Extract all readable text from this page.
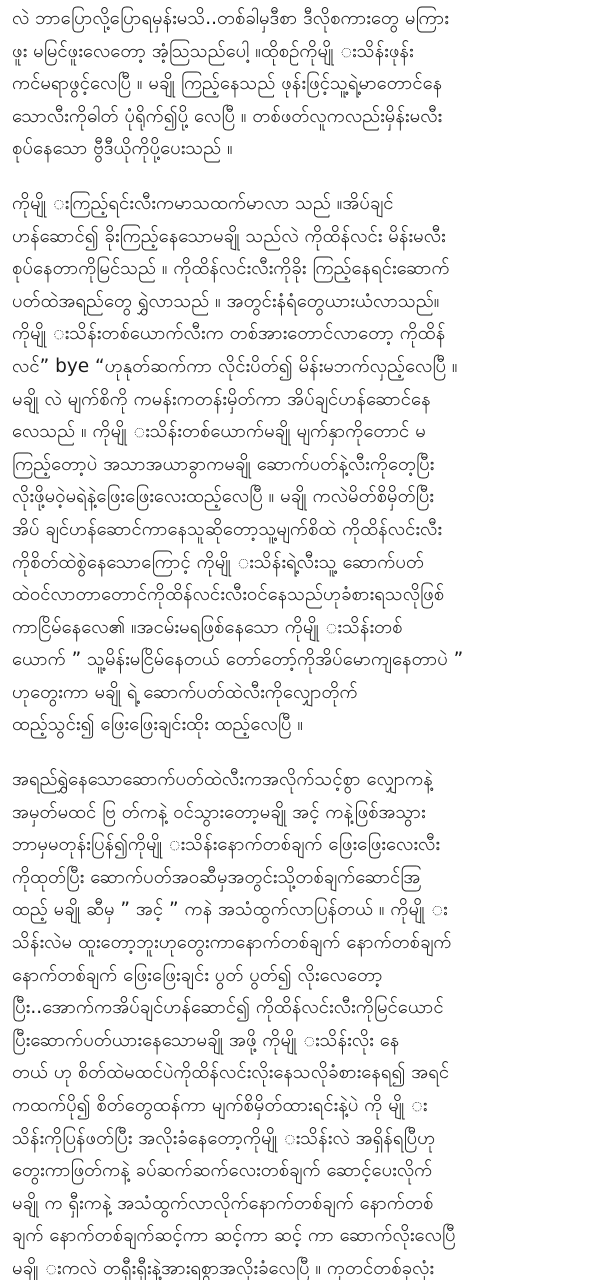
လဲ ဘာပြောလို့ပြောရမှန်းမသိ..တစ်ခါမှဒီစာ ဒီလိုစကားတွေ မကြား
ဖူး မမြင်ဖူးလေတော့ အံ့ဩသည်ပေါ့ ။ထိုစဉ်ကိုမျို းသိန်းဖုန်း
ကင်မရာဖွင့်လေပြီ ။ မချို ကြည့်နေသည် ဖုန်းဖြင့်သူ့ရဲ့မာတောင်နေ
သောလီးကိုဓါတ် ပုံရိုက်၍ပို့ လေပြီ ။ တစ်ဖတ်လူကလည်းမှိန်းမလီး
စုပ်နေသော ဗွီဒီယိုကိုပို့ပေးသည် ။
ကိုမျို းကြည့်ရင်းလီးကမာသထက်မာလာ သည် ။အိပ်ချင်
ဟန်ဆောင်၍ ခိုးကြည့်နေသောမချို သည်လဲ ကိုထိန်လင်း မိန်းမလီး
စုပ်နေတာကိုမြင်သည် ။ ကိုထိန်လင်းလီးကိုခိုး ကြည့်နေရင်းဆောက်
ပတ်ထဲအရည်တွေ ရွှဲလာသည် ။ အတွင်းနံရံတွေယားယံလာသည်။
ကိုမျို းသိန်းတစ်ယောက်လီးက တစ်အားတောင်လာတော့ ကိုထိန်
လင်” bye “ဟုနုတ်ဆက်ကာ လိုင်းပိတ်၍ မိန်းမဘက်လှည့်လေပြီ ။
မချို လဲ မျက်စိကို ကမန်းကတန်းမှိတ်ကာ အိပ်ချင်ဟန်ဆောင်နေ
လေသည် ။ ကိုမျို းသိန်းတစ်ယောက်မချို မျက်နှာကိုတောင် မ
ကြည့်တော့ပဲ အသာအယာခွာကမချို ဆောက်ပတ်နဲ့လီးကိုတေ့ပြီး
လိုးဖို့မဝဲ့မရဲနဲ့ဖြေးဖြေးလေးထည့်လေပြီ ။ မချို ကလဲမိတ်စိမှိတ်ပြီး
အိပ် ချင်ဟန်ဆောင်ကာနေသူဆိုတော့သူ့မျက်စိထဲ ကိုထိန်လင်းလီး
ကိုစိတ်ထဲစွဲနေသောကြောင့် ကိုမျို းသိန်းရဲ့လီးသူ့ ဆောက်ပတ်
ထဲဝင်လာတာတောင်ကိုထိန်လင်းလီးဝင်နေသည်ဟုခံစားရသလိုဖြစ်
ကာငြိမ်နေလေ၏ ။အငမ်းမရဖြစ်နေသော ကိုမျို းသိန်းတစ်
ယောက် ” သူ့မိန်းမငြိမ်နေတယ် တော်တော့်ကိုအိပ်မောကျနေတာပဲ ”
ဟုတွေးကာ မချို ရဲ့ ဆောက်ပတ်ထဲလီးကိုလျှောတိုက်
ထည့်သွင်း၍ ဖြေးဖြေးချင်းထိုး ထည့်လေပြီ ။
အရည်ရွှဲနေသောဆောက်ပတ်ထဲလီးကအလိုက်သင့်စွာ လျှောကနဲ့
အမှတ်မထင် ဗြ တ်ကနဲ့ ဝင်သွားတော့မချို အင့် ကနဲ့ဖြစ်အသွား
ဘာမှမတုန်းပြန်၍ကိုမျို းသိန်းနောက်တစ်ချက် ဖြေးဖြေးလေးလီး
ကိုထုတ်ပြီး ဆောက်ပတ်အဝဆီမှအတွင်းသို့တစ်ချက်ဆောင်အြ
ထည့် မချို ဆီမှ ” အင့် ” ကနဲ အသံထွက်လာပြန်တယ် ။ ကိုမျို း
သိန်းလဲမ ထူးတော့ဘူးဟုတွေးကာနောက်တစ်ချက် နောက်တစ်ချက်
နောက်တစ်ချက် ဖြေးဖြေးချင်း ပွတ် ပွတ်၍ လိုးလေတော့
ပြီး..အောက်ကအိပ်ချင်ဟန်ဆောင်၍ ကိုထိန်လင်းလီးကိုမြင်ယောင်
ပြီးဆောက်ပတ်ယားနေသောမချို အဖို့ ကိုမျို းသိန်းလိုး နေ
တယ် ဟု စိတ်ထဲမထင်ပဲကိုထိန်လင်းလိုးနေသလိုခံစားနေရ၍ အရင်
ကထက်ပို၍ စိတ်တွေထန်ကာ မျက်စိမှိတ်ထားရင်းနဲ့ပဲ ကို မျို း
သိန်းကိုပြန်ဖတ်ပြီး အလိုးခံနေတော့ကိုမျို းသိန်းလဲ အရှိန်ရပြီဟု
တွေးကာဖြတ်ကနဲ့ ခပ်ဆက်ဆက်လေးတစ်ချက် ဆောင့်ပေးလိုက်
မချို က ရှီးကနဲ့ အသံထွက်လာလိုက်နောက်တစ်ချက် နောက်တစ်
ချက် နောက်တစ်ချက်ဆင့်ကာ ဆင့်ကာ ဆင့် ကာ ဆောက်လိုးလေပြီ
မချို းကလဲ တရှီးရှီးနဲ့အားရစွာအလိုးခံလေပြီ ။ ကုတင်တစ်ခုလုံး
